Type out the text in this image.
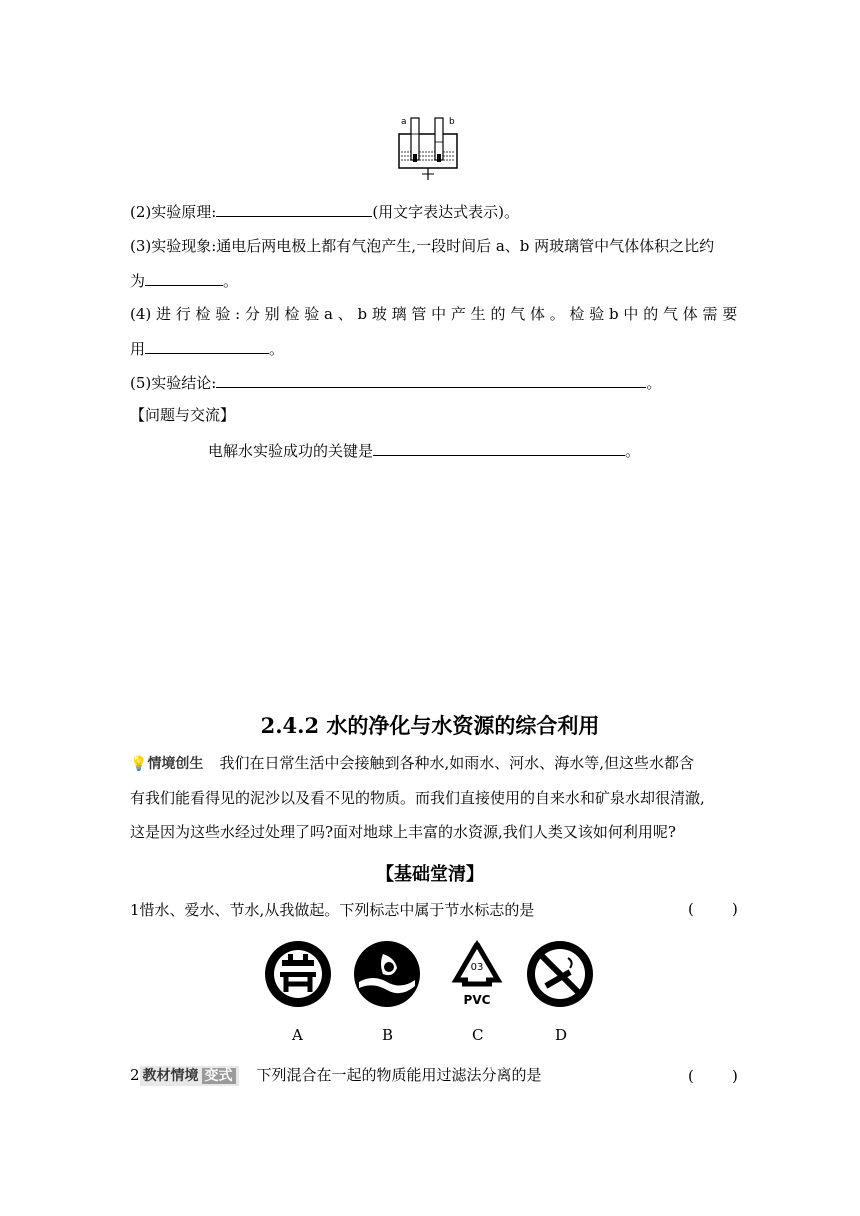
a	b
(2)实验原理:	(用文字表达式表示)。
(3)实验现象:通电后两电极上都有气泡产生,一段时间后 a、b 两玻璃管中气体体积之比约
为	。
(4) 进 行 检 验 : 分 别 检 验 a 、 b 玻 璃 管 中 产 生 的 气 体 。 检 验 b 中 的 气 体 需 要
用	。
(5)实验结论:	。
【问题与交流】
电解水实验成功的关键是	。
2.4.2 水的净化与水资源的综合利用
💡情境创生 我们在日常生活中会接触到各种水,如雨水、河水、海水等,但这些水都含
有我们能看得见的泥沙以及看不见的物质。而我们直接使用的自来水和矿泉水却很清澈,
这是因为这些水经过处理了吗?面对地球上丰富的水资源,我们人类又该如何利用呢?
【基础堂清】
1惜水、爱水、节水,从我做起。下列标志中属于节水标志的是	(        )
03
PVC
A	B	C	D
2 教材情境 变式 下列混合在一起的物质能用过滤法分离的是	(        )
